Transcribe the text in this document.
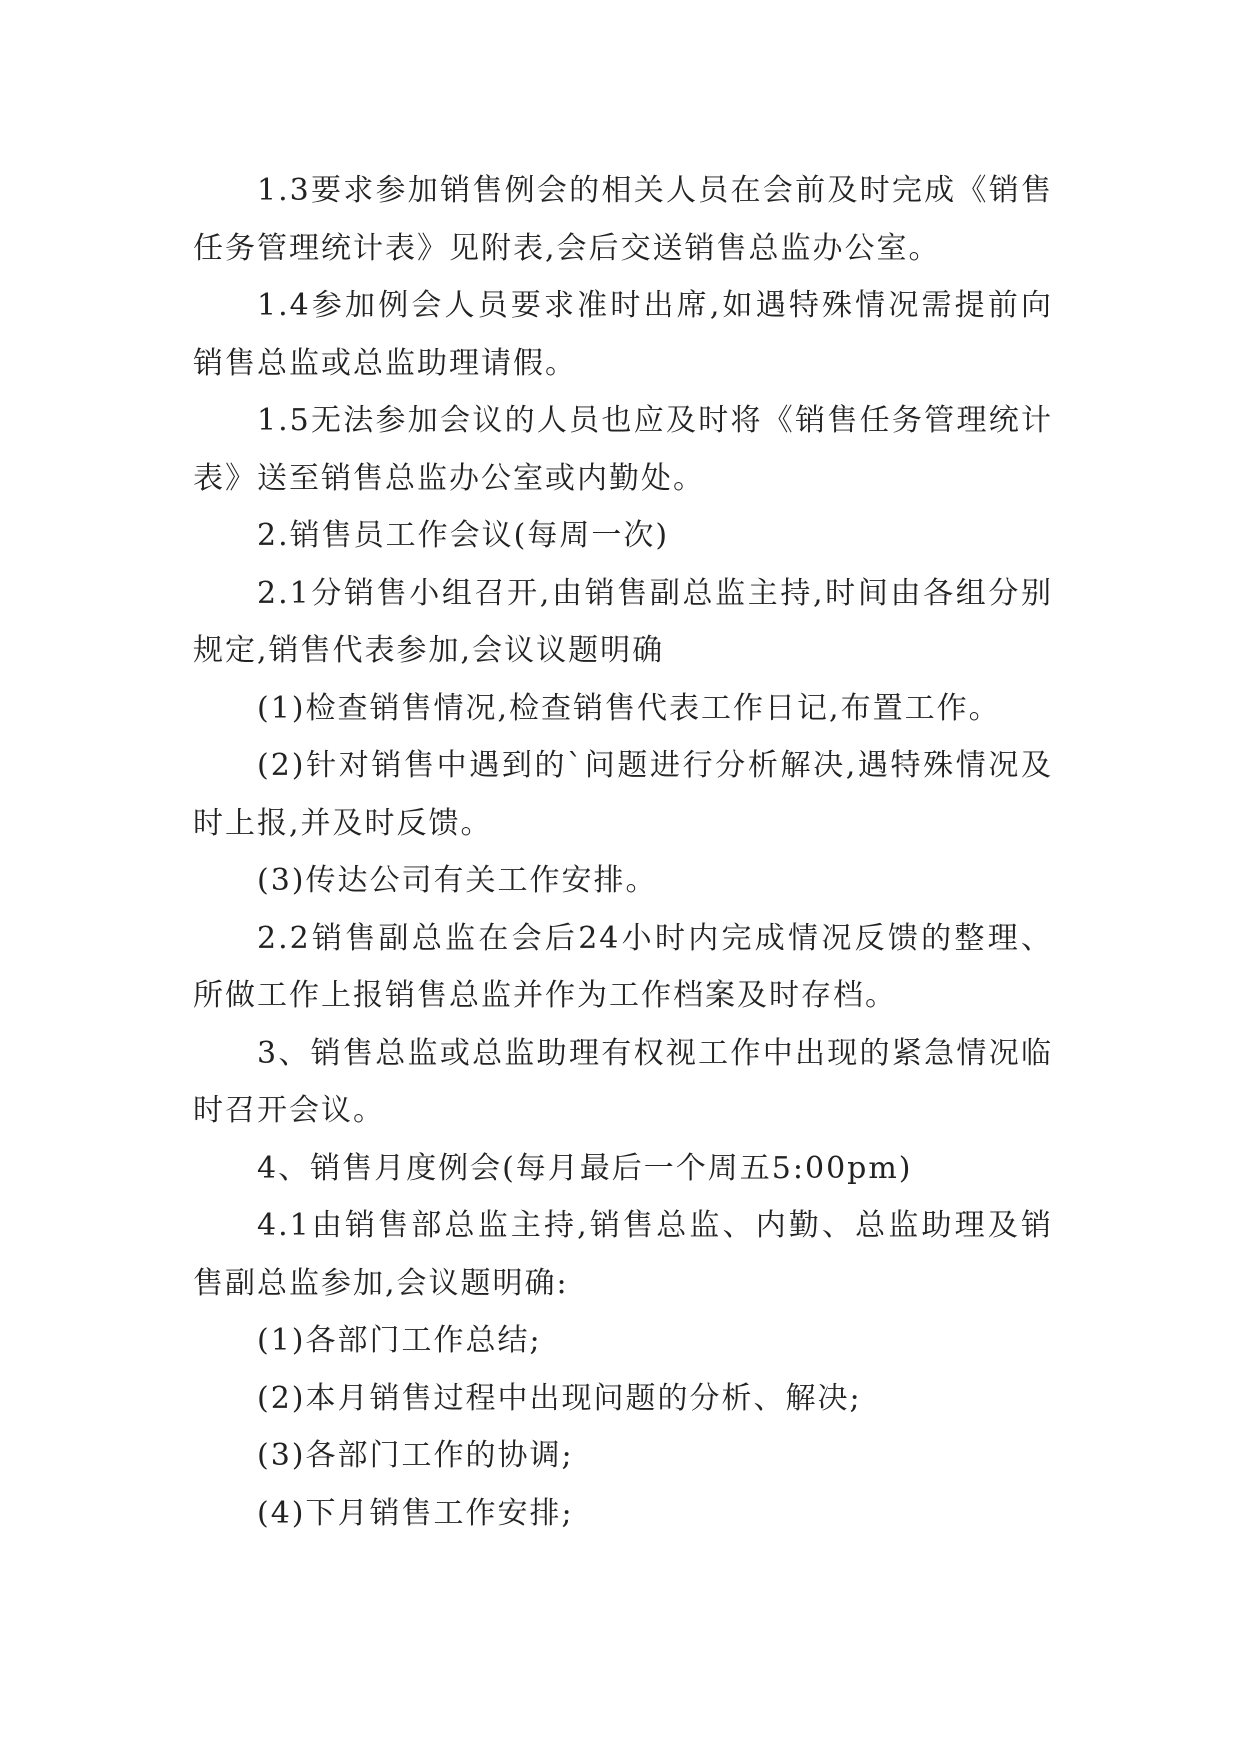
1.3要求参加销售例会的相关人员在会前及时完成《销售任务管理统计表》见附表,会后交送销售总监办公室。

1.4参加例会人员要求准时出席,如遇特殊情况需提前向销售总监或总监助理请假。

1.5无法参加会议的人员也应及时将《销售任务管理统计表》送至销售总监办公室或内勤处。

2.销售员工作会议(每周一次)

2.1分销售小组召开,由销售副总监主持,时间由各组分别规定,销售代表参加,会议议题明确

(1)检查销售情况,检查销售代表工作日记,布置工作。

(2)针对销售中遇到的`问题进行分析解决,遇特殊情况及时上报,并及时反馈。

(3)传达公司有关工作安排。

2.2销售副总监在会后24小时内完成情况反馈的整理、所做工作上报销售总监并作为工作档案及时存档。

3、销售总监或总监助理有权视工作中出现的紧急情况临时召开会议。

4、销售月度例会(每月最后一个周五5:00pm)

4.1由销售部总监主持,销售总监、内勤、总监助理及销售副总监参加,会议题明确:

(1)各部门工作总结;

(2)本月销售过程中出现问题的分析、解决;

(3)各部门工作的协调;

(4)下月销售工作安排;
